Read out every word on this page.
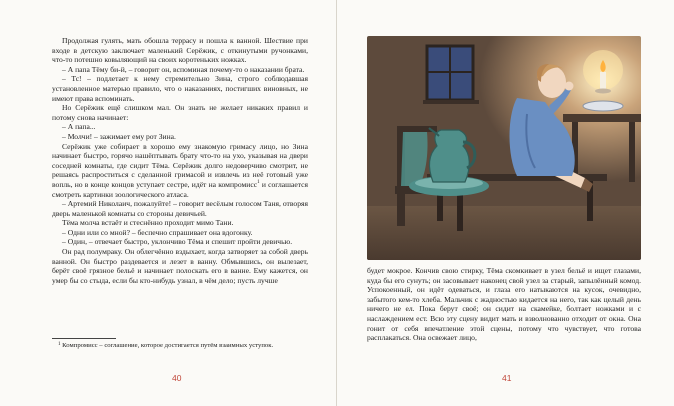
Продолжая гулять, мать обошла террасу и пошла к ванной. Шествие при входе в детскую заключает маленький Серёжик, с откинутыми ручонками, что-то потешно ковыляющий на своих коротеньких ножках.

– А папа Тёму би-й, – говорит он, вспоминая почему-то о наказании брата.

– Тс! – подлетает к нему стремительно Зина, строго соблюдавшая установленное матерью правило, что о наказаниях, постигших виновных, не имеют права вспоминать.

Но Серёжик ещё слишком мал. Он знать не желает никаких правил и потому снова начинает:

– А папа...

– Молчи! – зажимает ему рот Зина.

Серёжик уже собирает в хорошо ему знакомую гримасу лицо, но Зина начинает быстро, горячо нашёптывать брату что-то на ухо, указывая на двери соседней комнаты, где сидит Тёма. Серёжик долго недоверчиво смотрит, не решаясь распроститься с сделанной гримасой и извлечь из неё готовый уже вопль, но в конце концов уступает сестре, идёт на компромисс$^1$ и соглашается смотреть картинки зоологического атласа.

– Артемий Николаич, пожалуйте! – говорит весёлым голосом Таня, отворяя дверь маленькой комнаты со стороны девичьей.

Тёма молча встаёт и стеснённо проходит мимо Тани.

– Одни или со мной? – беспечно спрашивает она вдогонку.

– Один, – отвечает быстро, уклончиво Тёма и спешит пройти девичью.

Он рад полумраку. Он облегчённо вздыхает, когда затворяет за собой дверь ванной. Он быстро раздевается и лезет в ванну. Обмывшись, он вылезает, берёт своё грязное бельё и начинает полоскать его в ванне. Ему кажется, он умер бы со стыда, если бы кто-нибудь узнал, в чём дело; пусть лучше

$^1$ Компромисс – соглашение, которое достигается путём взаимных уступок.

40

будет мокрое. Кончив свою стирку, Тёма скомкивает в узел бельё и ищет глазами, куда бы его сунуть; он засовывает наконец свой узел за старый, запылённый комод. Успокоенный, он идёт одеваться, и глаза его натыкаются на кусок, очевидно, забытого кем-то хлеба. Мальчик с жадностью кидается на него, так как целый день ничего не ел. Пока берут своё; он сидит на скамейке, болтает ножками и с наслаждением ест. Всю эту сцену видит мать и взволнованно отходит от окна. Она гонит от себя впечатление этой сцены, потому что чувствует, что готова расплакаться. Она освежает лицо,

41
